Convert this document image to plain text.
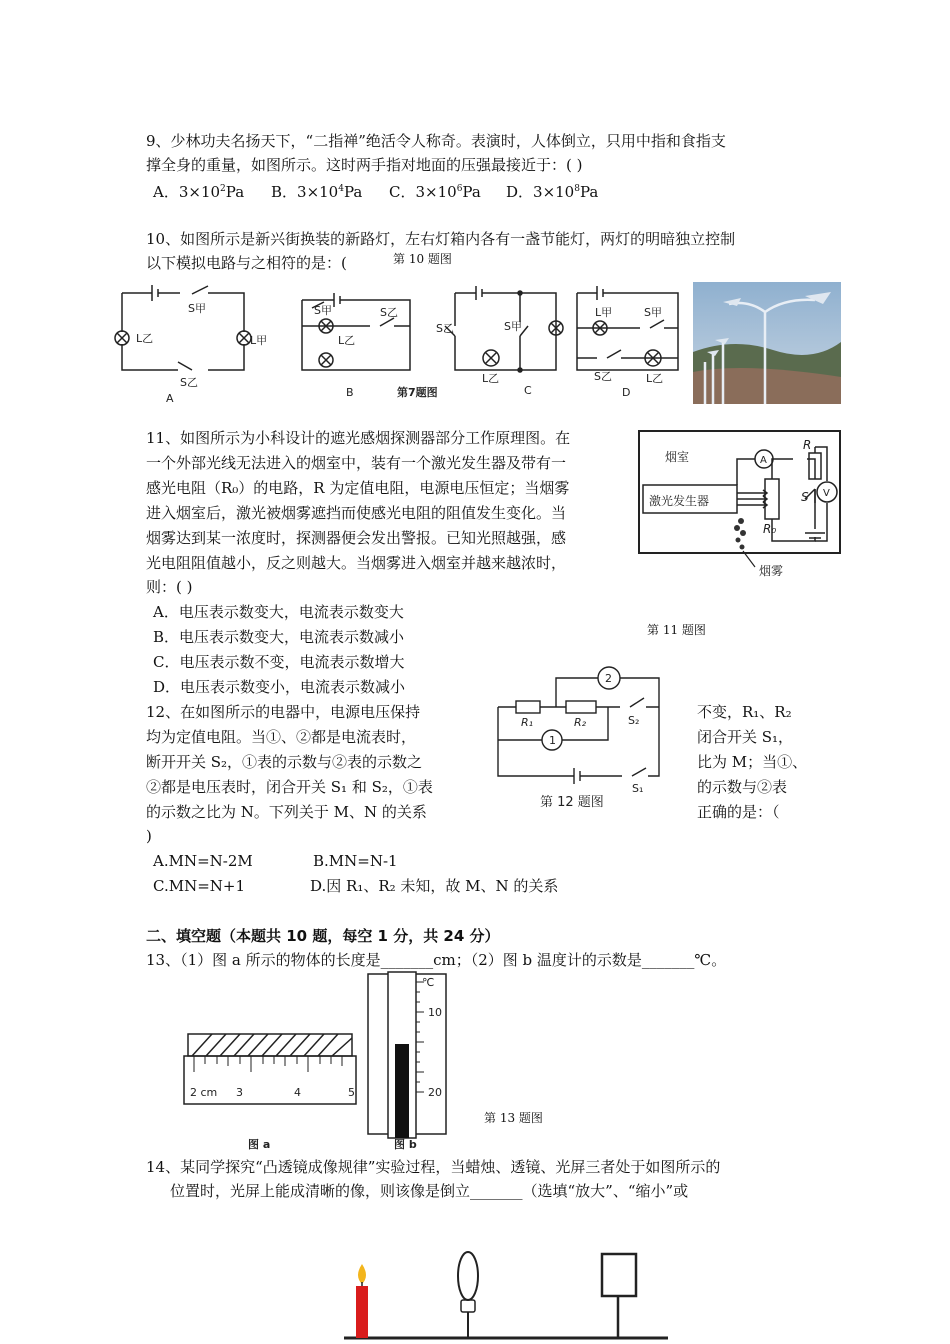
9、少林功夫名扬天下，“二指禅”绝活令人称奇。表演时，人体倒立，只用中指和食指支
撑全身的重量，如图所示。这时两手指对地面的压强最接近于：( )
A．$3\times 10^2Pa$ B．$3\times 10^4Pa$ C．$3\times 10^6Pa$ D．$3\times 10^8Pa$
10、如图所示是新兴街换装的新路灯，左右灯箱内各有一盏节能灯，两灯的明暗独立控制
以下模拟电路与之相符的是：(	第 10 题图
S甲
L乙	L甲
S乙
A
S甲	S乙
L乙
B
S乙	S甲
L乙
C
L甲	S甲
S乙	L乙
D
第7题图
11、如图所示为小科设计的遮光感烟探测器部分工作原理图。在
一个外部光线无法进入的烟室中，装有一个激光发生器及带有一
感光电阻（R₀）的电路，R 为定值电阻，电源电压恒定；当烟雾
进入烟室后，激光被烟雾遮挡而使感光电阻的阻值发生变化。当
烟雾达到某一浓度时，探测器便会发出警报。已知光照越强，感
光电阻阻值越小，反之则越大。当烟雾进入烟室并越来越浓时，
则：( )
A．电压表示数变大，电流表示数变大
B．电压表示数变大，电流表示数减小
C．电压表示数不变，电流表示数增大
D．电压表示数变小，电流表示数减小
烟室
激光发生器
A
V
R
S
R₀
烟雾
第 11 题图
12、在如图所示的电器中，电源电压保持
均为定值电阻。当①、②都是电流表时，
断开开关 S₂，①表的示数与②表的示数之
②都是电压表时，闭合开关 S₁ 和 S₂，①表
的示数之比为 N。下列关于 M、N 的关系
)
不变，R₁、R₂
闭合开关 S₁，
比为 M；当①、
的示数与②表
正确的是：（
2
1
R₁	R₂	S₂
S₁
第 12 题图
A.MN=N-2M	B.MN=N-1
C.MN=N+1	D.因 R₁、R₂ 未知，故 M、N 的关系
二、填空题（本题共 10 题，每空 1 分，共 24 分）
13、（1）图 a 所示的物体的长度是_______cm；（2）图 b 温度计的示数是_______℃。
2 cm 3	4	5
图 a	图 b
℃
10
20
第 13 题图
14、某同学探究“凸透镜成像规律”实验过程，当蜡烛、透镜、光屏三者处于如图所示的
位置时，光屏上能成清晰的像，则该像是倒立_______（选填“放大”、“缩小”或
